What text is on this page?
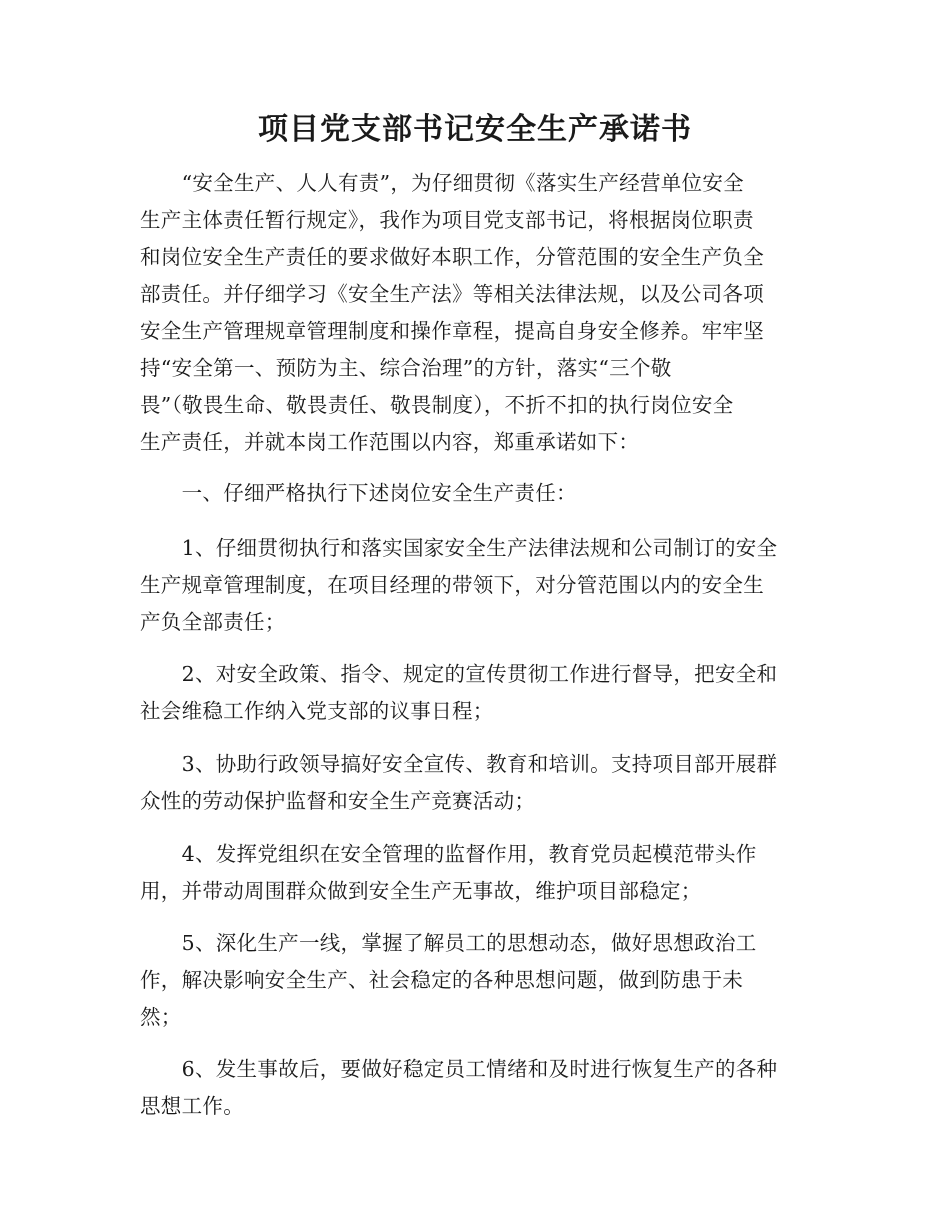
项目党支部书记安全生产承诺书
　　“安全生产、人人有责”，为仔细贯彻《落实生产经营单位安全
生产主体责任暂行规定》，我作为项目党支部书记，将根据岗位职责
和岗位安全生产责任的要求做好本职工作，分管范围的安全生产负全
部责任。并仔细学习《安全生产法》等相关法律法规，以及公司各项
安全生产管理规章管理制度和操作章程，提高自身安全修养。牢牢坚
持“安全第一、预防为主、综合治理”的方针，落实“三个敬
畏”（敬畏生命、敬畏责任、敬畏制度），不折不扣的执行岗位安全
生产责任，并就本岗工作范围以内容，郑重承诺如下：
　　一、仔细严格执行下述岗位安全生产责任：
　　1、仔细贯彻执行和落实国家安全生产法律法规和公司制订的安全
生产规章管理制度，在项目经理的带领下，对分管范围以内的安全生
产负全部责任；
　　2、对安全政策、指令、规定的宣传贯彻工作进行督导，把安全和
社会维稳工作纳入党支部的议事日程；
　　3、协助行政领导搞好安全宣传、教育和培训。支持项目部开展群
众性的劳动保护监督和安全生产竞赛活动；
　　4、发挥党组织在安全管理的监督作用，教育党员起模范带头作
用，并带动周围群众做到安全生产无事故，维护项目部稳定；
　　5、深化生产一线，掌握了解员工的思想动态，做好思想政治工
作，解决影响安全生产、社会稳定的各种思想问题，做到防患于未
然；
　　6、发生事故后，要做好稳定员工情绪和及时进行恢复生产的各种
思想工作。
